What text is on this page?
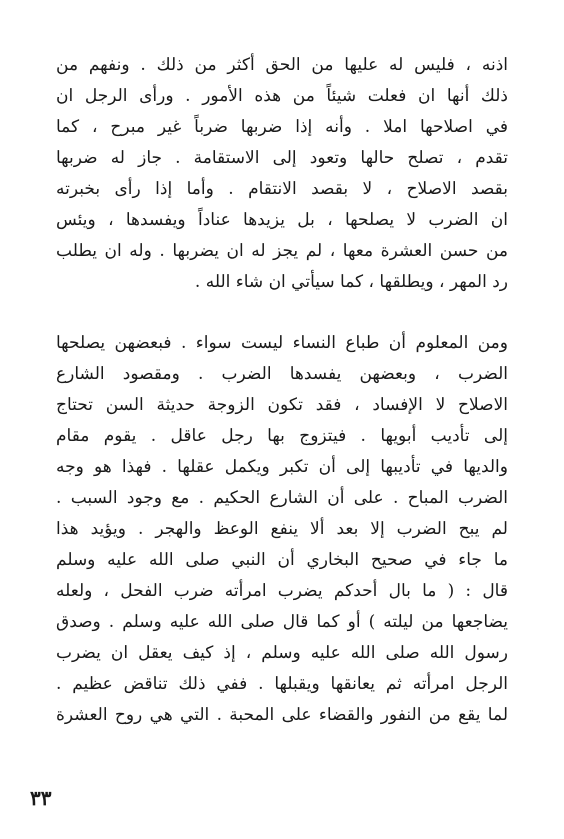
اذنه ، فليس له عليها من الحق أكثر من ذلك . ونفهم من
ذلك أنها ان فعلت شيئاً من هذه الأمور . ورأى الرجل ان
في اصلاحها املا . وأنه إذا ضربها ضرباً غير مبرح ، كما
تقدم ، تصلح حالها وتعود إلى الاستقامة . جاز له ضربها
بقصد الاصلاح ، لا بقصد الانتقام . وأما إذا رأى بخبرته
ان الضرب لا يصلحها ، بل يزيدها عناداً ويفسدها ، ويئس
من حسن العشرة معها ، لم يجز له ان يضربها . وله ان يطلب
رد المهر ، ويطلقها ، كما سيأتي ان شاء الله .
ومن المعلوم أن طباع النساء ليست سواء . فبعضهن يصلحها
الضرب ، وبعضهن يفسدها الضرب . ومقصود الشارع
الاصلاح لا الإفساد ، فقد تكون الزوجة حديثة السن تحتاج
إلى تأديب أبويها . فيتزوج بها رجل عاقل . يقوم مقام
والديها في تأديبها إلى أن تكبر ويكمل عقلها . فهذا هو وجه
الضرب المباح . على أن الشارع الحكيم . مع وجود السبب .
لم يبح الضرب إلا بعد ألا ينفع الوعظ والهجر . ويؤيد هذا
ما جاء في صحيح البخاري أن النبي صلى الله عليه وسلم
قال : ( ما بال أحدكم يضرب امرأته ضرب الفحل ، ولعله
يضاجعها من ليلته ) أو كما قال صلى الله عليه وسلم . وصدق
رسول الله صلى الله عليه وسلم ، إذ كيف يعقل ان يضرب
الرجل امرأته ثم يعانقها ويقبلها . ففي ذلك تناقض عظيم .
لما يقع من النفور والقضاء على المحبة . التي هي روح العشرة
٣٣
